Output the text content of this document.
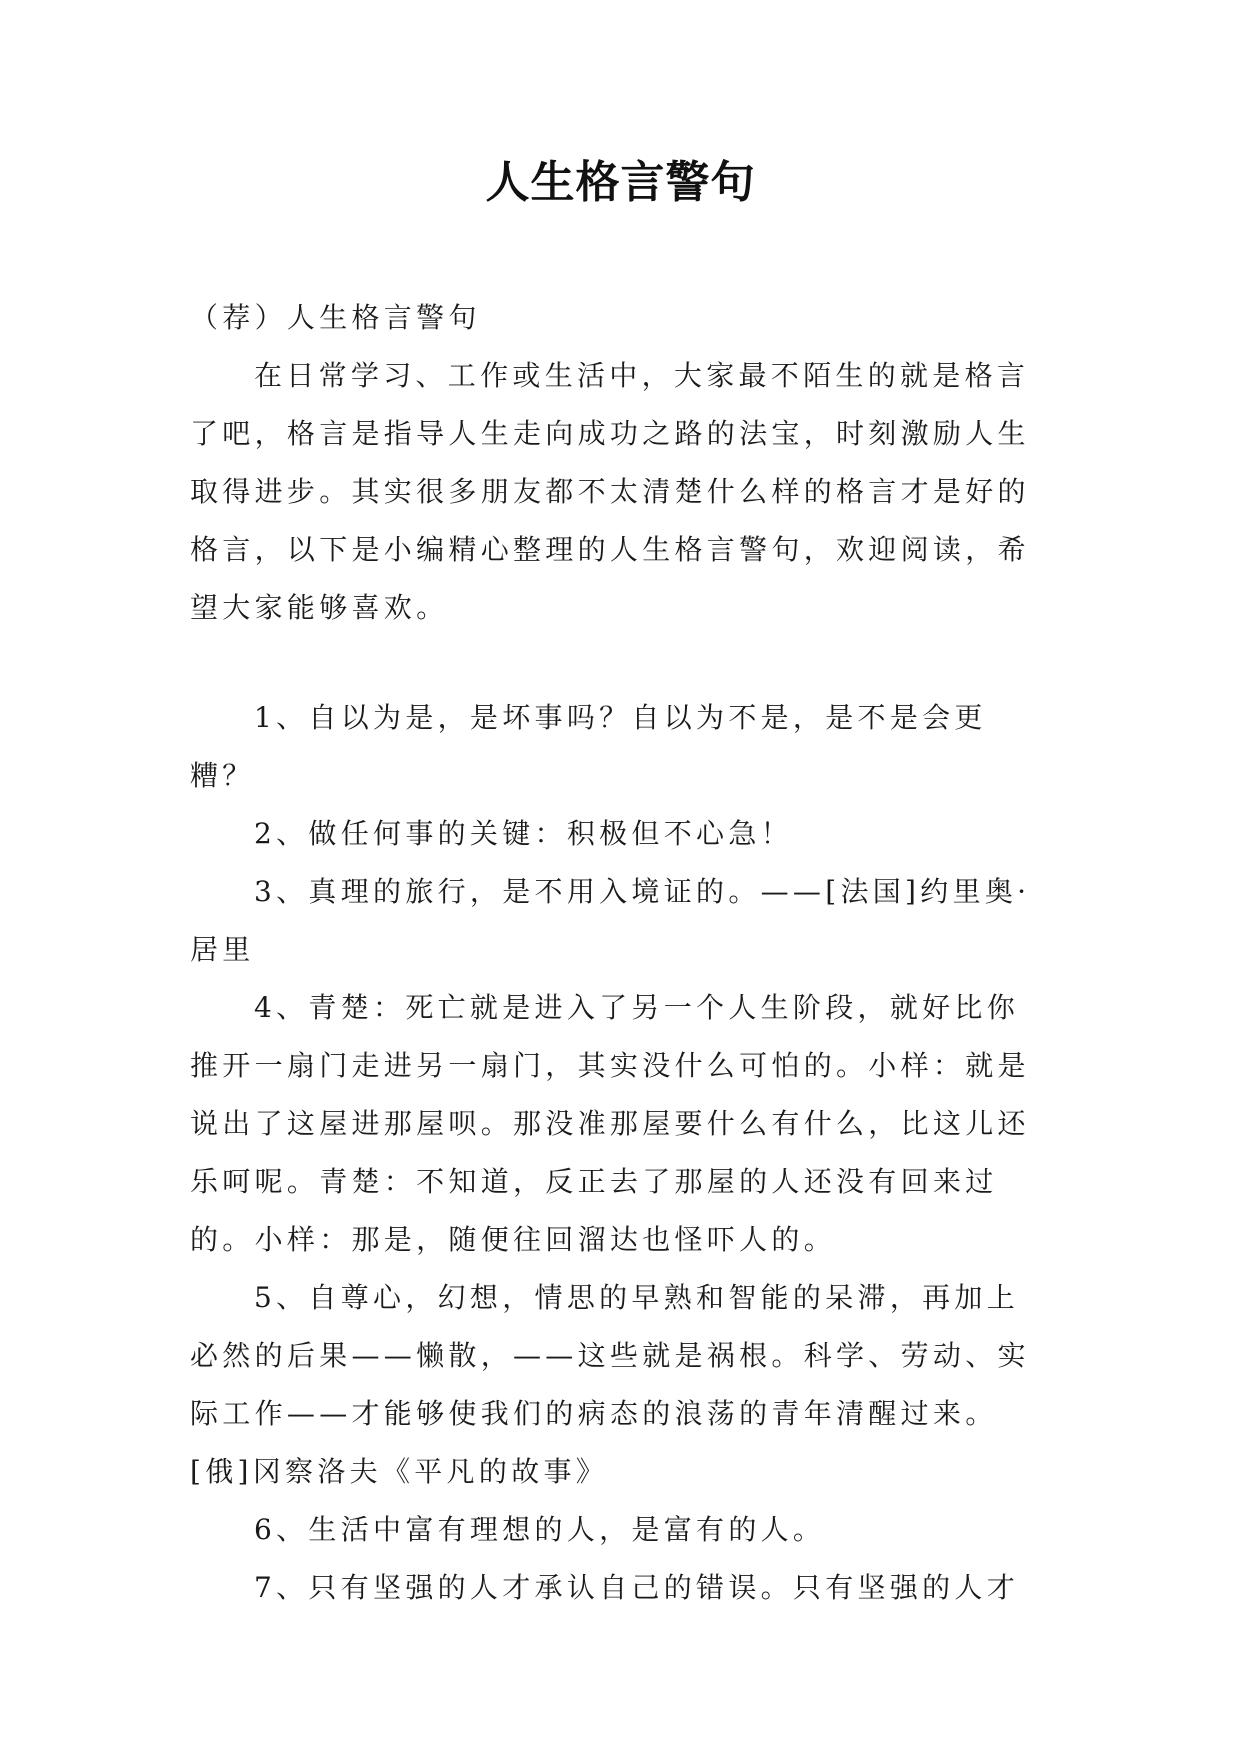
人生格言警句

（荐）人生格言警句

在日常学习、工作或生活中，大家最不陌生的就是格言了吧，格言是指导人生走向成功之路的法宝，时刻激励人生取得进步。其实很多朋友都不太清楚什么样的格言才是好的格言，以下是小编精心整理的人生格言警句，欢迎阅读，希望大家能够喜欢。

1、自以为是，是坏事吗？自以为不是，是不是会更糟？

2、做任何事的关键：积极但不心急！

3、真理的旅行，是不用入境证的。——[法国]约里奥·居里

4、青楚：死亡就是进入了另一个人生阶段，就好比你推开一扇门走进另一扇门，其实没什么可怕的。小样：就是说出了这屋进那屋呗。那没准那屋要什么有什么，比这儿还乐呵呢。青楚：不知道，反正去了那屋的人还没有回来过的。小样：那是，随便往回溜达也怪吓人的。

5、自尊心，幻想，情思的早熟和智能的呆滞，再加上必然的后果——懒散，——这些就是祸根。科学、劳动、实际工作——才能够使我们的病态的浪荡的青年清醒过来。[俄]冈察洛夫《平凡的故事》

6、生活中富有理想的人，是富有的人。

7、只有坚强的人才承认自己的错误。只有坚强的人才
